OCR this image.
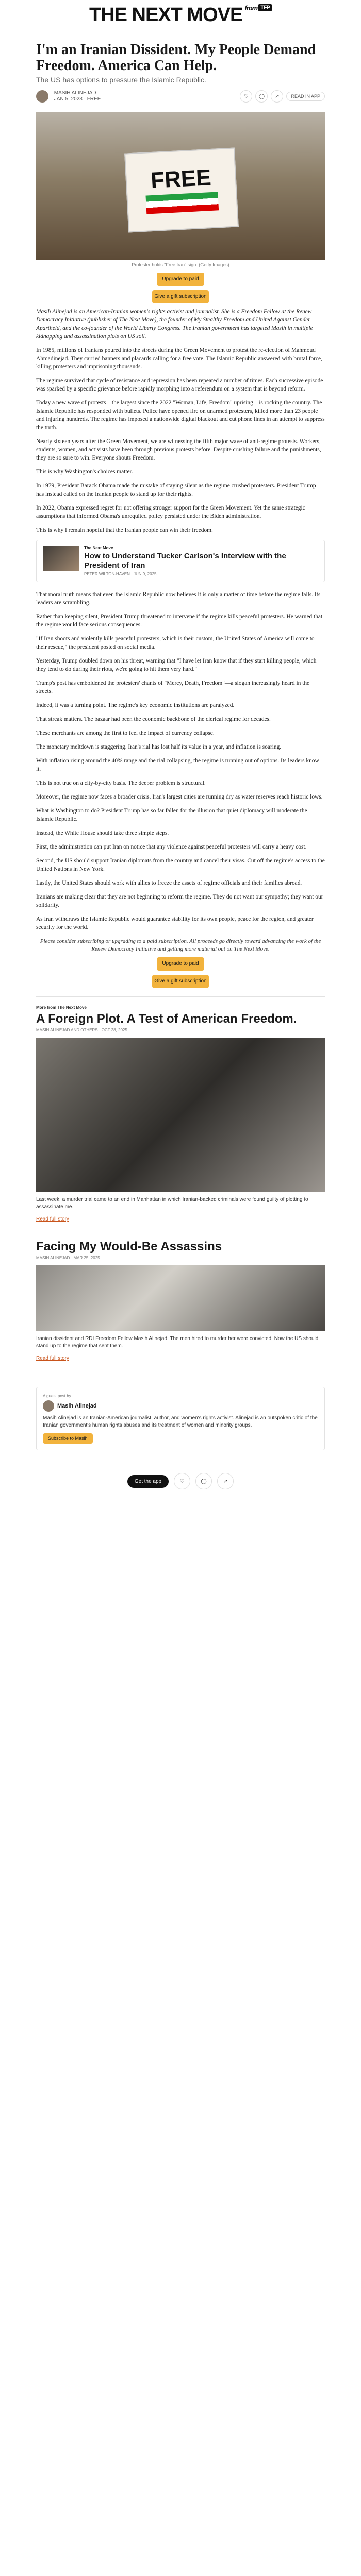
THE NEXT MOVE $^{from}$ TFP
I'm an Iranian Dissident. My People Demand Freedom. America Can Help.
The US has options to pressure the Islamic Republic.
MASIH ALINEJAD
JAN 5, 2023 · FREE	♡	◯	↗	READ IN APP
FREE
Protester holds "Free Iran" sign. (Getty Images)
Upgrade to paid
Give a gift subscription

Masih Alinejad is an American-Iranian women's rights activist and journalist. She is a Freedom Fellow at the Renew Democracy Initiative (publisher of The Next Move), the founder of My Stealthy Freedom and United Against Gender Apartheid, and the co-founder of the World Liberty Congress. The Iranian government has targeted Masih in multiple kidnapping and assassination plots on US soil.

In 1985, millions of Iranians poured into the streets during the Green Movement to protest the re-election of Mahmoud Ahmadinejad. They carried banners and placards calling for a free vote. The Islamic Republic answered with brutal force, killing protesters and imprisoning thousands.

The regime survived that cycle of resistance and repression has been repeated a number of times. Each successive episode was sparked by a specific grievance before rapidly morphing into a referendum on a system that is beyond reform.

Today a new wave of protests—the largest since the 2022 "Woman, Life, Freedom" uprising—is rocking the country. The Islamic Republic has responded with bullets. Police have opened fire on unarmed protesters, killed more than 23 people and injuring hundreds. The regime has imposed a nationwide digital blackout and cut phone lines in an attempt to suppress the truth.

Nearly sixteen years after the Green Movement, we are witnessing the fifth major wave of anti-regime protests. Workers, students, women, and activists have been through previous protests before. Despite crushing failure and the punishments, they are so sure to win. Everyone shouts Freedom.

This is why Washington's choices matter.

In 1979, President Barack Obama made the mistake of staying silent as the regime crushed protesters. President Trump has instead called on the Iranian people to stand up for their rights.

In 2022, Obama expressed regret for not offering stronger support for the Green Movement. Yet the same strategic assumptions that informed Obama's unrequited policy persisted under the Biden administration.

This is why I remain hopeful that the Iranian people can win their freedom.

The Next Move
How to Understand Tucker Carlson's Interview with the President of Iran
PETER WILTON-HAVEN · JUN 9, 2025

That moral truth means that even the Islamic Republic now believes it is only a matter of time before the regime falls. Its leaders are scrambling.

Rather than keeping silent, President Trump threatened to intervene if the regime kills peaceful protesters. He warned that the regime would face serious consequences.

"If Iran shoots and violently kills peaceful protesters, which is their custom, the United States of America will come to their rescue," the president posted on social media.

Yesterday, Trump doubled down on his threat, warning that "I have let Iran know that if they start killing people, which they tend to do during their riots, we're going to hit them very hard."

Trump's post has emboldened the protesters' chants of "Mercy, Death, Freedom"—a slogan increasingly heard in the streets.

Indeed, it was a turning point. The regime's key economic institutions are paralyzed.

That streak matters. The bazaar had been the economic backbone of the clerical regime for decades.

These merchants are among the first to feel the impact of currency collapse.

The monetary meltdown is staggering. Iran's rial has lost half its value in a year, and inflation is soaring.

With inflation rising around the 40% range and the rial collapsing, the regime is running out of options. Its leaders know it.

This is not true on a city-by-city basis. The deeper problem is structural.

Moreover, the regime now faces a broader crisis. Iran's largest cities are running dry as water reserves reach historic lows.

What is Washington to do? President Trump has so far fallen for the illusion that quiet diplomacy will moderate the Islamic Republic.

Instead, the White House should take three simple steps.

First, the administration can put Iran on notice that any violence against peaceful protesters will carry a heavy cost.

Second, the US should support Iranian diplomats from the country and cancel their visas. Cut off the regime's access to the United Nations in New York.

Lastly, the United States should work with allies to freeze the assets of regime officials and their families abroad.

Iranians are making clear that they are not beginning to reform the regime. They do not want our sympathy; they want our solidarity.

As Iran withdraws the Islamic Republic would guarantee stability for its own people, peace for the region, and greater security for the world.

Please consider subscribing or upgrading to a paid subscription. All proceeds go directly toward advancing the work of the Renew Democracy Initiative and getting more material out on The Next Move.
Upgrade to paid
Give a gift subscription
More from The Next Move
A Foreign Plot. A Test of American Freedom.
MASIH ALINEJAD AND OTHERS · OCT 28, 2025
Last week, a murder trial came to an end in Manhattan in which Iranian-backed criminals were found guilty of plotting to assassinate me.
Read full story
Facing My Would-Be Assassins
MASIH ALINEJAD · MAR 25, 2025
Iranian dissident and RDI Freedom Fellow Masih Alinejad. The men hired to murder her were convicted. Now the US should stand up to the regime that sent them.
Read full story
A guest post by
Masih Alinejad
Masih Alinejad is an Iranian-American journalist, author, and women's rights activist. Alinejad is an outspoken critic of the Iranian government's human rights abuses and its treatment of women and minority groups.
Subscribe to Masih
Get the app	♡	◯	↗
